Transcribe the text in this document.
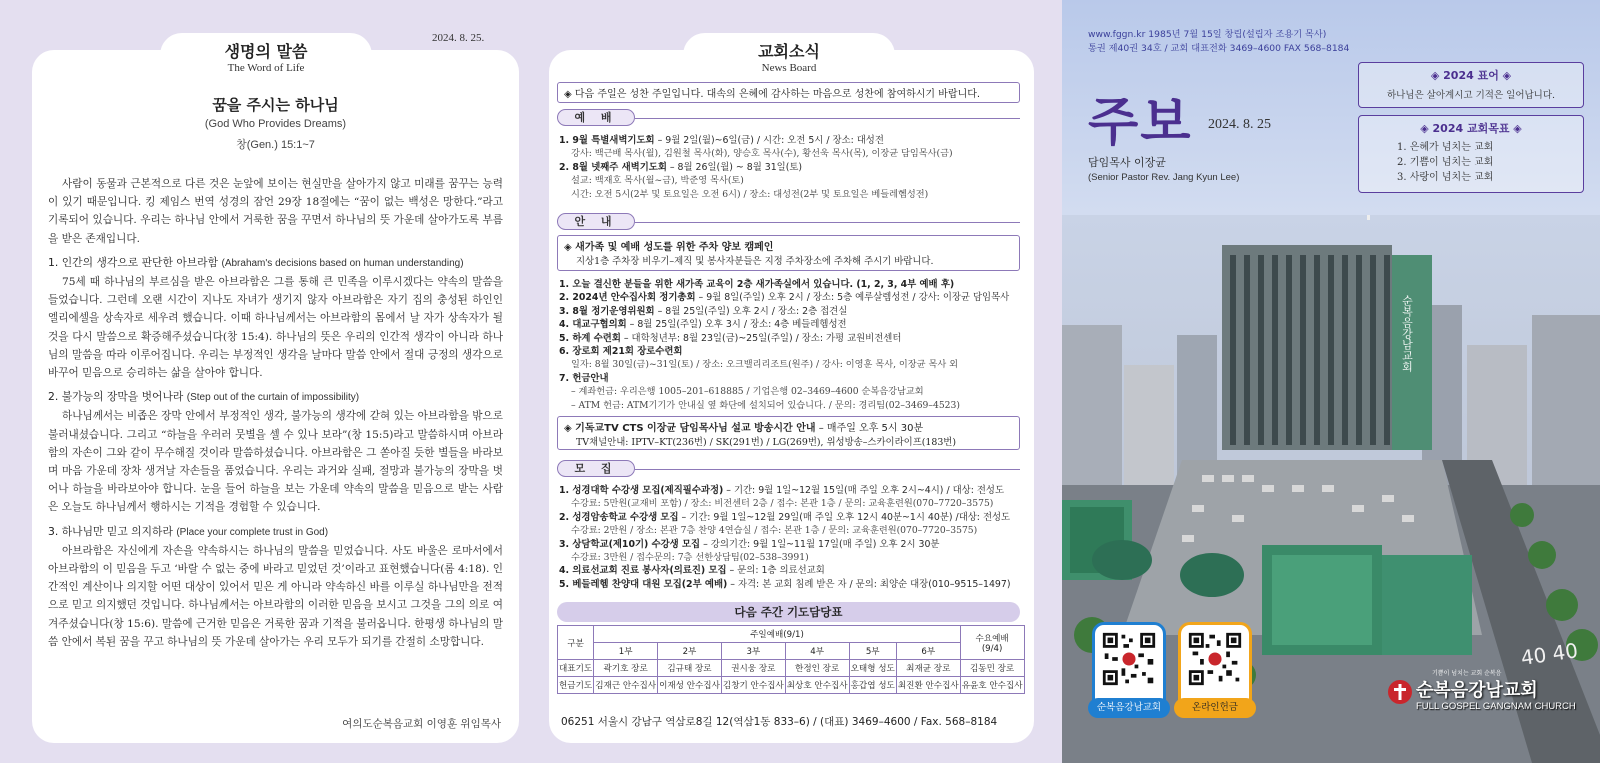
꿈을 주시는 하나님
(God Who Provides Dreams)
창(Gen.) 15:1~7

사람이 동물과 근본적으로 다른 것은 눈앞에 보이는 현실만을 살아가지 않고 미래를 꿈꾸는 능력이 있기 때문입니다. 킹 제임스 번역 성경의 잠언 29장 18절에는 “꿈이 없는 백성은 망한다.”라고 기록되어 있습니다. 우리는 하나님 안에서 거룩한 꿈을 꾸면서 하나님의 뜻 가운데 살아가도록 부름을 받은 존재입니다.

1. 인간의 생각으로 판단한 아브라함 (Abraham's decisions based on human understanding)

75세 때 하나님의 부르심을 받은 아브라함은 그를 통해 큰 민족을 이루시겠다는 약속의 말씀을 들었습니다. 그런데 오랜 시간이 지나도 자녀가 생기지 않자 아브라함은 자기 집의 충성된 하인인 엘리에셀을 상속자로 세우려 했습니다. 이때 하나님께서는 아브라함의 몸에서 날 자가 상속자가 될 것을 다시 말씀으로 확증해주셨습니다(창 15:4). 하나님의 뜻은 우리의 인간적 생각이 아니라 하나님의 말씀을 따라 이루어집니다. 우리는 부정적인 생각을 날마다 말씀 안에서 절대 긍정의 생각으로 바꾸어 믿음으로 승리하는 삶을 살아야 합니다.

2. 불가능의 장막을 벗어나라 (Step out of the curtain of impossibility)

하나님께서는 비좁은 장막 안에서 부정적인 생각, 불가능의 생각에 갇혀 있는 아브라함을 밖으로 불러내셨습니다. 그리고 “하늘을 우러러 뭇별을 셀 수 있나 보라”(창 15:5)라고 말씀하시며 아브라함의 자손이 그와 같이 무수해질 것이라 말씀하셨습니다. 아브라함은 그 쏟아질 듯한 별들을 바라보며 마음 가운데 장차 생겨날 자손들을 품었습니다. 우리는 과거와 실패, 절망과 불가능의 장막을 벗어나 하늘을 바라보아야 합니다. 눈을 들어 하늘을 보는 가운데 약속의 말씀을 믿음으로 받는 사람은 오늘도 하나님께서 행하시는 기적을 경험할 수 있습니다.

3. 하나님만 믿고 의지하라 (Place your complete trust in God)

아브라함은 자신에게 자손을 약속하시는 하나님의 말씀을 믿었습니다. 사도 바울은 로마서에서 아브라함의 이 믿음을 두고 ‘바랄 수 없는 중에 바라고 믿었던 것’이라고 표현했습니다(롬 4:18). 인간적인 계산이나 의지할 어떤 대상이 있어서 믿은 게 아니라 약속하신 바를 이루실 하나님만을 전적으로 믿고 의지했던 것입니다. 하나님께서는 아브라함의 이러한 믿음을 보시고 그것을 그의 의로 여겨주셨습니다(창 15:6). 말씀에 근거한 믿음은 거룩한 꿈과 기적을 불러옵니다. 한평생 하나님의 말씀 안에서 복된 꿈을 꾸고 하나님의 뜻 가운데 살아가는 우리 모두가 되기를 간절히 소망합니다.

여의도순복음교회 이영훈 위임목사
생명의 말씀
The Word of Life
2024. 8. 25.
◈ 다음 주일은 성찬 주일입니다. 대속의 은혜에 감사하는 마음으로 성찬에 참여하시기 바랍니다.
예 배
1. 9월 특별새벽기도회 – 9월 2일(월)~6일(금) / 시간: 오전 5시 / 장소: 대성전
강사: 백근배 목사(월), 김원철 목사(화), 양승호 목사(수), 황선욱 목사(목), 이장균 담임목사(금)
2. 8월 넷째주 새벽기도회 – 8월 26일(월) ~ 8월 31일(토)
설교: 백재호 목사(월~금), 박준영 목사(토)
시간: 오전 5시(2부 및 토요일은 오전 6시) / 장소: 대성전(2부 및 토요일은 베들레헴성전)
안 내
◈ 새가족 및 예배 성도를 위한 주차 양보 캠페인
지상1층 주차장 비우기–제직 및 봉사자분들은 지정 주차장소에 주차해 주시기 바랍니다.
1. 오늘 결신한 분들을 위한 새가족 교육이 2층 새가족실에서 있습니다. (1, 2, 3, 4부 예배 후)
2. 2024년 안수집사회 정기총회 – 9월 8일(주일) 오후 2시 / 장소: 5층 예루살렘성전 / 강사: 이장균 담임목사
3. 8월 정기운영위원회 – 8월 25일(주일) 오후 2시 / 장소: 2층 접견실
4. 대교구협의회 – 8월 25일(주일) 오후 3시 / 장소: 4층 베들레헴성전
5. 하계 수련회 – 대학청년부: 8월 23일(금)~25일(주일) / 장소: 가평 교원비전센터
6. 장로회 제21회 장로수련회
일자: 8월 30일(금)~31일(토) / 장소: 오크밸리리조트(원주) / 강사: 이영훈 목사, 이장균 목사 외
7. 헌금안내
– 계좌헌금: 우리은행 1005–201–618885 / 기업은행 02–3469–4600 순복음강남교회
– ATM 헌금: ATM기기가 안내실 옆 화단에 설치되어 있습니다. / 문의: 경리팀(02–3469–4523)
◈ 기독교TV CTS 이장균 담임목사님 설교 방송시간 안내 – 매주일 오후 5시 30분
TV채널안내: IPTV–KT(236번) / SK(291번) / LG(269번), 위성방송–스카이라이프(183번)
모 집
1. 성경대학 수강생 모집(제직필수과정) – 기간: 9월 1일~12월 15일(매 주일 오후 2시~4시) / 대상: 전성도
수강료: 5만원(교재비 포함) / 장소: 비전센터 2층 / 접수: 본관 1층 / 문의: 교육훈련원(070–7720–3575)
2. 성경암송학교 수강생 모집 – 기간: 9월 1일~12월 29일(매 주일 오후 12시 40분~1시 40분) /대상: 전성도
수강료: 2만원 / 장소: 본관 7층 찬양 4연습실 / 접수: 본관 1층 / 문의: 교육훈련원(070–7720–3575)
3. 상담학교(제10기) 수강생 모집 – 강의기간: 9월 1일~11월 17일(매 주일) 오후 2시 30분
수강료: 3만원 / 접수문의: 7층 선한상담팀(02–538–3991)
4. 의료선교회 진료 봉사자(의료진) 모집 – 문의: 1층 의료선교회
5. 베들레헴 찬양대 대원 모집(2부 예배) – 자격: 본 교회 침례 받은 자 / 문의: 최양순 대장(010–9515–1497)
다음 주간 기도담당표
구분	주일예배(9/1)						수요예배
(9/4)

	1부	2부	3부	4부	5부	6부	
대표기도	곽기호 장로	김규태 장로	권시웅 장로	한정인 장로	오태형 성도	최재균 장로	김동민 장로
헌금기도	김재근 안수집사	이재성 안수집사	김창기 안수집사	최상호 안수집사	홍갑엽 성도	최진환 안수집사	유윤호 안수집사
06251 서울시 강남구 역삼로8길 12(역삼1동 833–6) / (대표) 3469–4600 / Fax. 568–8184
교회소식
News Board
순복음강남교회
40 40
www.fggn.kr 1985년 7월 15일 창립(설립자 조용기 목사)
통권 제40권 34호 / 교회 대표전화 3469–4600 FAX 568–8184
주보 2024. 8. 25
담임목사 이장균
(Senior Pastor Rev. Jang Kyun Lee)
◈ 2024 표어 ◈
하나님은 살아계시고 기적은 일어납니다.
◈ 2024 교회목표 ◈
1. 은혜가 넘치는 교회
2. 기쁨이 넘치는 교회
3. 사랑이 넘치는 교회
순복음강남교회	온라인헌금
기쁨이 넘치는 교회 순복음
순복음강남교회
FULL GOSPEL GANGNAM CHURCH
